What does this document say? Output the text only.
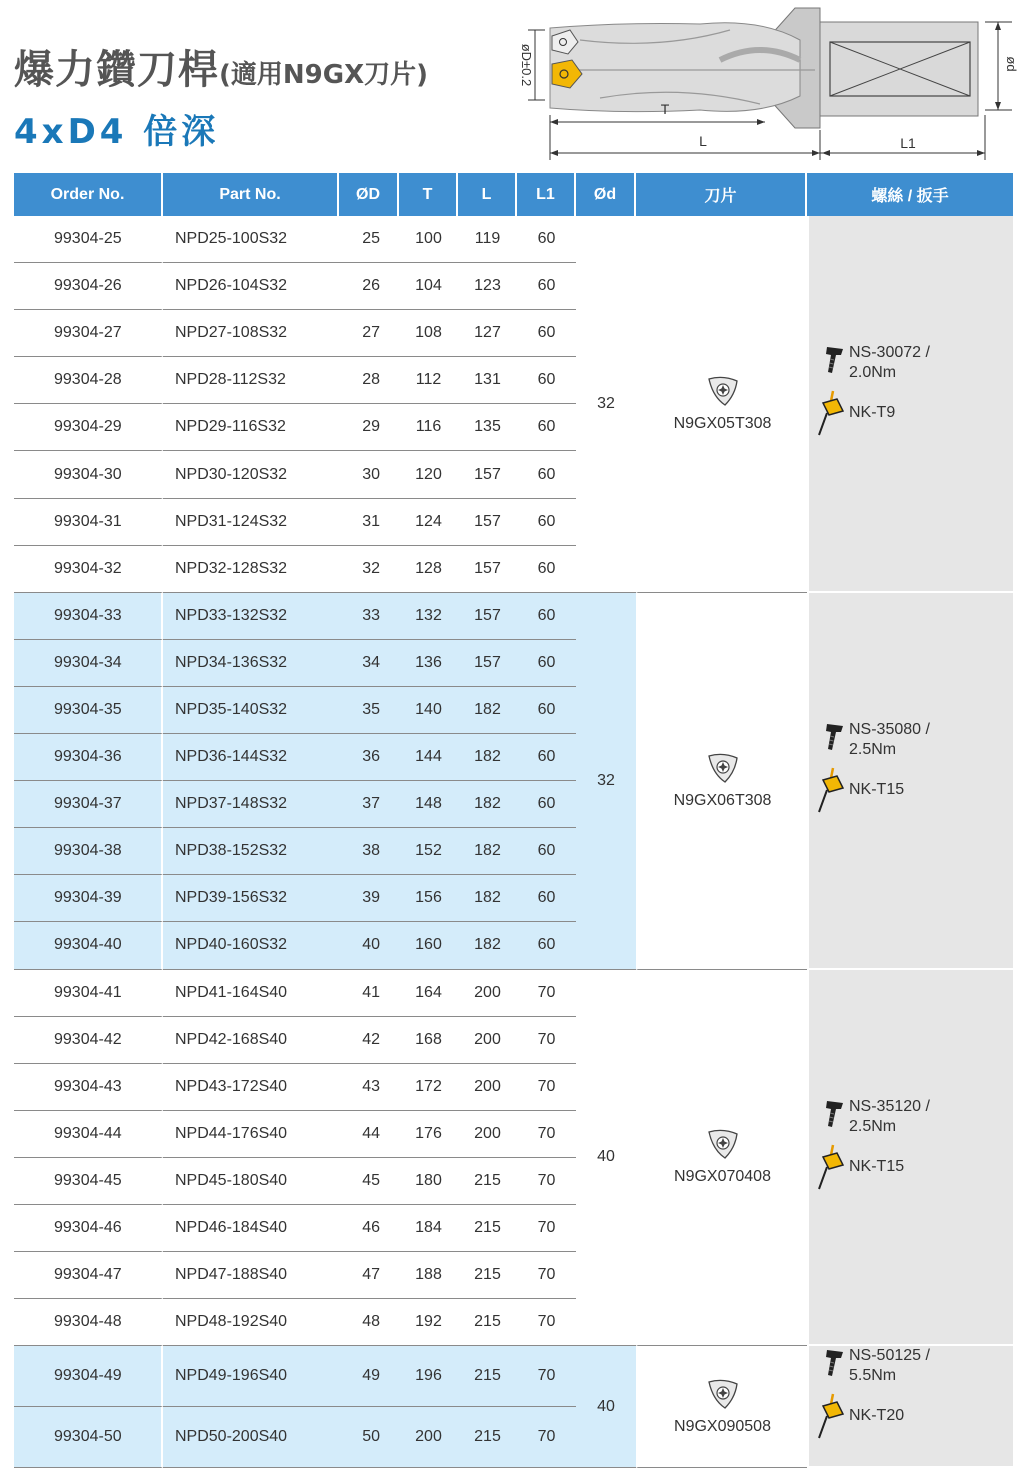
爆力鑽刀桿(適用N9GX刀片)
4xD4 倍深
øD±0.2	ød
T
L	L1
Order No.	Part No.	ØD	T	L	L1	Ød	刀片	螺絲 / 扳手
99304-25	NPD25-100S32	25	100	119	60	32	N9GX05T308	NS-30072 /
2.0Nm
NK-T9

99304-26	NPD26-104S32	26	104	123	60			
99304-27	NPD27-108S32	27	108	127	60			
99304-28	NPD28-112S32	28	112	131	60			
99304-29	NPD29-116S32	29	116	135	60			
99304-30	NPD30-120S32	30	120	157	60			
99304-31	NPD31-124S32	31	124	157	60			
99304-32	NPD32-128S32	32	128	157	60			
99304-33	NPD33-132S32	33	132	157	60	32	N9GX06T308	NS-35080 /
2.5Nm
NK-T15

99304-34	NPD34-136S32	34	136	157	60			
99304-35	NPD35-140S32	35	140	182	60			
99304-36	NPD36-144S32	36	144	182	60			
99304-37	NPD37-148S32	37	148	182	60			
99304-38	NPD38-152S32	38	152	182	60			
99304-39	NPD39-156S32	39	156	182	60			
99304-40	NPD40-160S32	40	160	182	60			
99304-41	NPD41-164S40	41	164	200	70	40	N9GX070408	NS-35120 /
2.5Nm
NK-T15

99304-42	NPD42-168S40	42	168	200	70			
99304-43	NPD43-172S40	43	172	200	70			
99304-44	NPD44-176S40	44	176	200	70			
99304-45	NPD45-180S40	45	180	215	70			
99304-46	NPD46-184S40	46	184	215	70			
99304-47	NPD47-188S40	47	188	215	70			
99304-48	NPD48-192S40	48	192	215	70			
99304-49	NPD49-196S40	49	196	215	70	40	N9GX090508	NS-50125 /
5.5Nm
NK-T20

99304-50	NPD50-200S40	50	200	215	70			
